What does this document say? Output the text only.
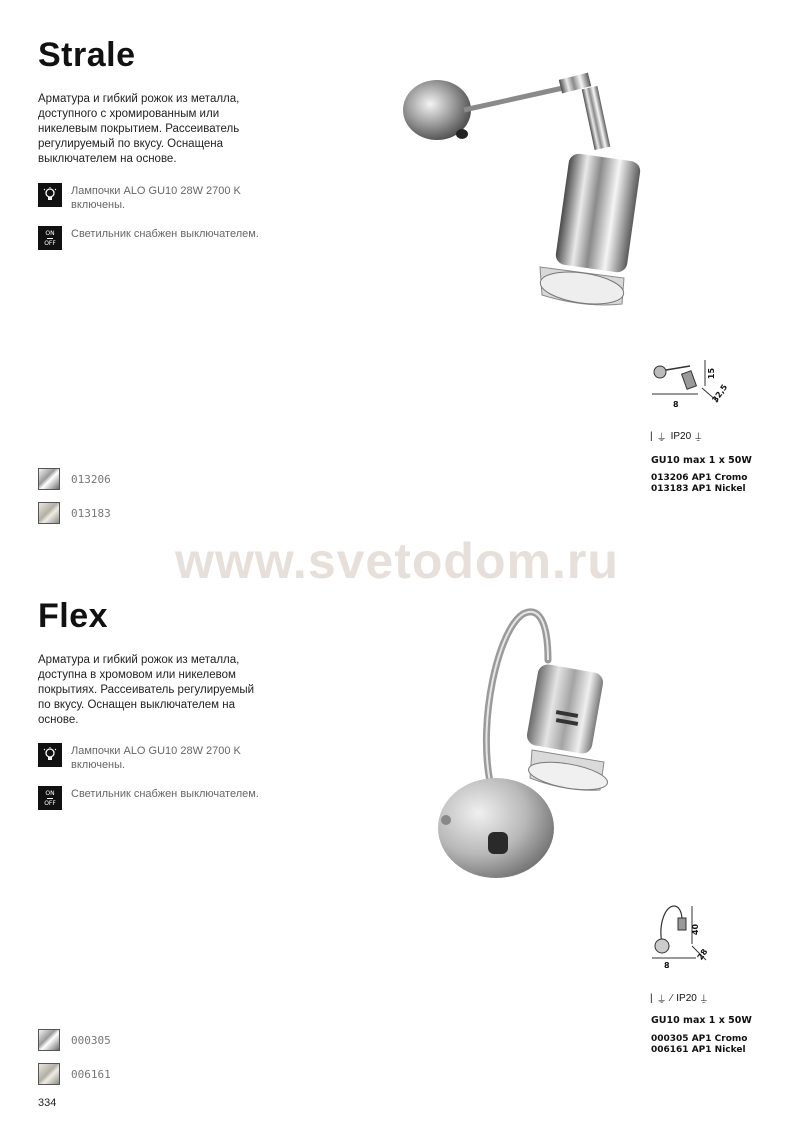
Strale
Арматура и гибкий рожок из металла, доступного с хромированным или никелевым покрытием. Рассеиватель регулируемый по вкусу. Оснащена выключателем на основе.
Лампочки ALO GU10 28W 2700 K включены.
ON
OFF
Светильник снабжен выключателем.
8
15
32,5
| ⏚ IP20 ⍊
GU10 max 1 x 50W
013206 AP1 Cromo
013183 AP1 Nickel
013206
013183
www.svetodom.ru
Flex
Арматура и гибкий рожок из металла, доступна в хромовом или никелевом покрытиях. Рассеиватель регулируемый по вкусу. Оснащен выключателем на основе.
Лампочки ALO GU10 28W 2700 K включены.
ON
OFF
Светильник снабжен выключателем.
8
40
28
| ⏚ ∕ IP20 ⍊
GU10 max 1 x 50W
000305 AP1 Cromo
006161 AP1 Nickel
000305
006161
334
